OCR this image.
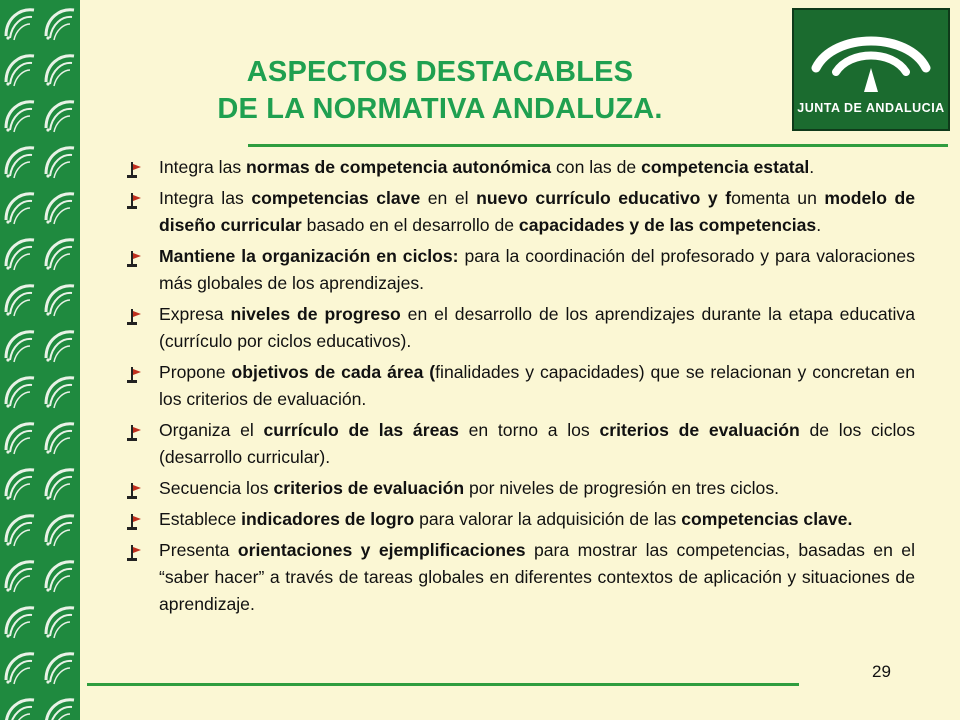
ASPECTOS DESTACABLES
DE LA NORMATIVA ANDALUZA.	JUNTA DE ANDALUCIA
Integra las normas de competencia autonómica con las de competencia estatal.
Integra las competencias clave en el nuevo currículo educativo y fomenta un modelo de diseño curricular basado en el desarrollo de capacidades y de las competencias.
Mantiene la organización en ciclos: para la coordinación del profesorado y para valoraciones más globales de los aprendizajes.
Expresa niveles de progreso en el desarrollo de los aprendizajes durante la etapa educativa (currículo por ciclos educativos).
Propone objetivos de cada área (finalidades y capacidades) que se relacionan y concretan en los criterios de evaluación.
Organiza el currículo de las áreas en torno a los criterios de evaluación de los ciclos (desarrollo curricular).
Secuencia los criterios de evaluación por niveles de progresión en tres ciclos.
Establece indicadores de logro para valorar la adquisición de las competencias clave.
Presenta orientaciones y ejemplificaciones para mostrar las competencias, basadas en el “saber hacer” a través de tareas globales en diferentes contextos de aplicación y situaciones de aprendizaje.
29
